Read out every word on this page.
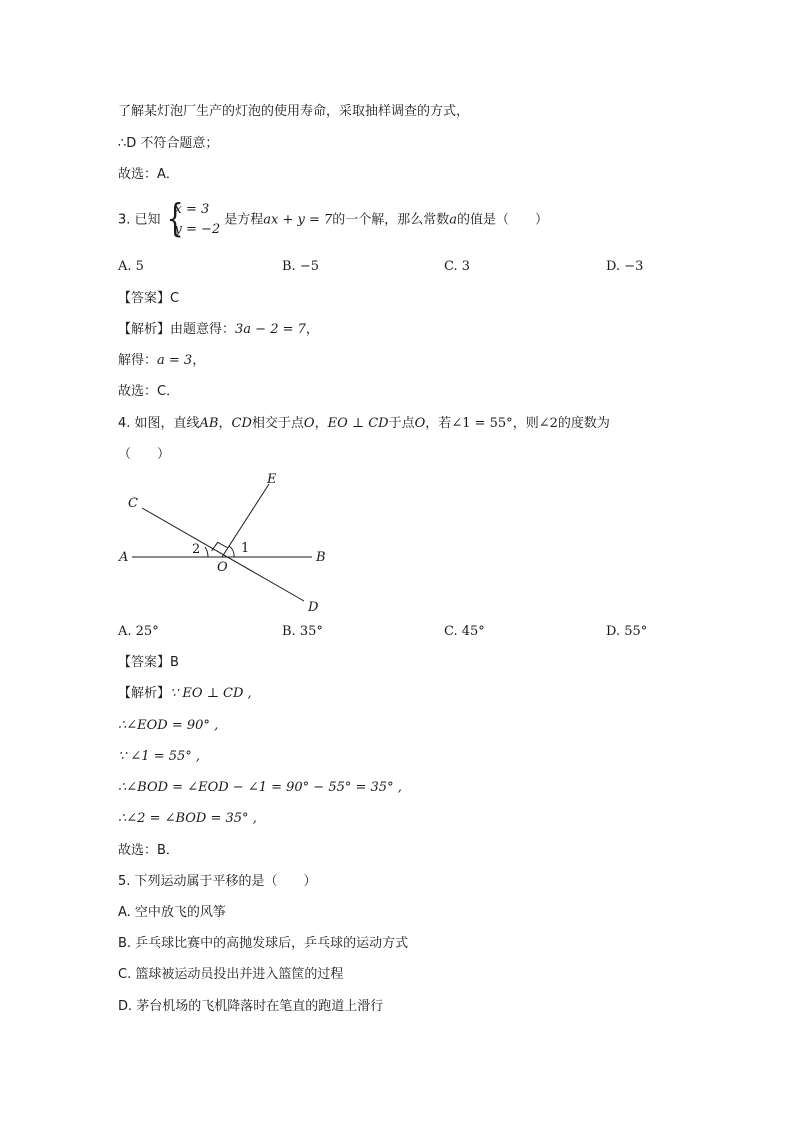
了解某灯泡厂生产的灯泡的使用寿命，采取抽样调查的方式，
∴D 不符合题意；
故选：A．
3. 已知 {
x = 3
y = −2
是方程ax + y = 7的一个解，那么常数a的值是（　　）
A. 5	B. −5	C. 3	D. −3
【答案】C
【解析】由题意得：3a − 2 = 7，
解得：a = 3，
故选：C．
4. 如图，直线AB，CD相交于点O，EO ⊥ CD于点O，若∠1 = 55°，则∠2的度数为
（　　）
A	B
C
D
E
O
1
2
A. 25°	B. 35°	C. 45°	D. 55°
【答案】B
【解析】∵ EO ⊥ CD ,
∴∠EOD = 90° ,
∵ ∠1 = 55° ,
∴∠BOD = ∠EOD − ∠1 = 90° − 55° = 35° ,
∴∠2 = ∠BOD = 35° ,
故选：B．
5. 下列运动属于平移的是（　　）
A. 空中放飞的风筝
B. 乒乓球比赛中的高抛发球后，乒乓球的运动方式
C. 篮球被运动员投出并进入篮筐的过程
D. 茅台机场的飞机降落时在笔直的跑道上滑行
